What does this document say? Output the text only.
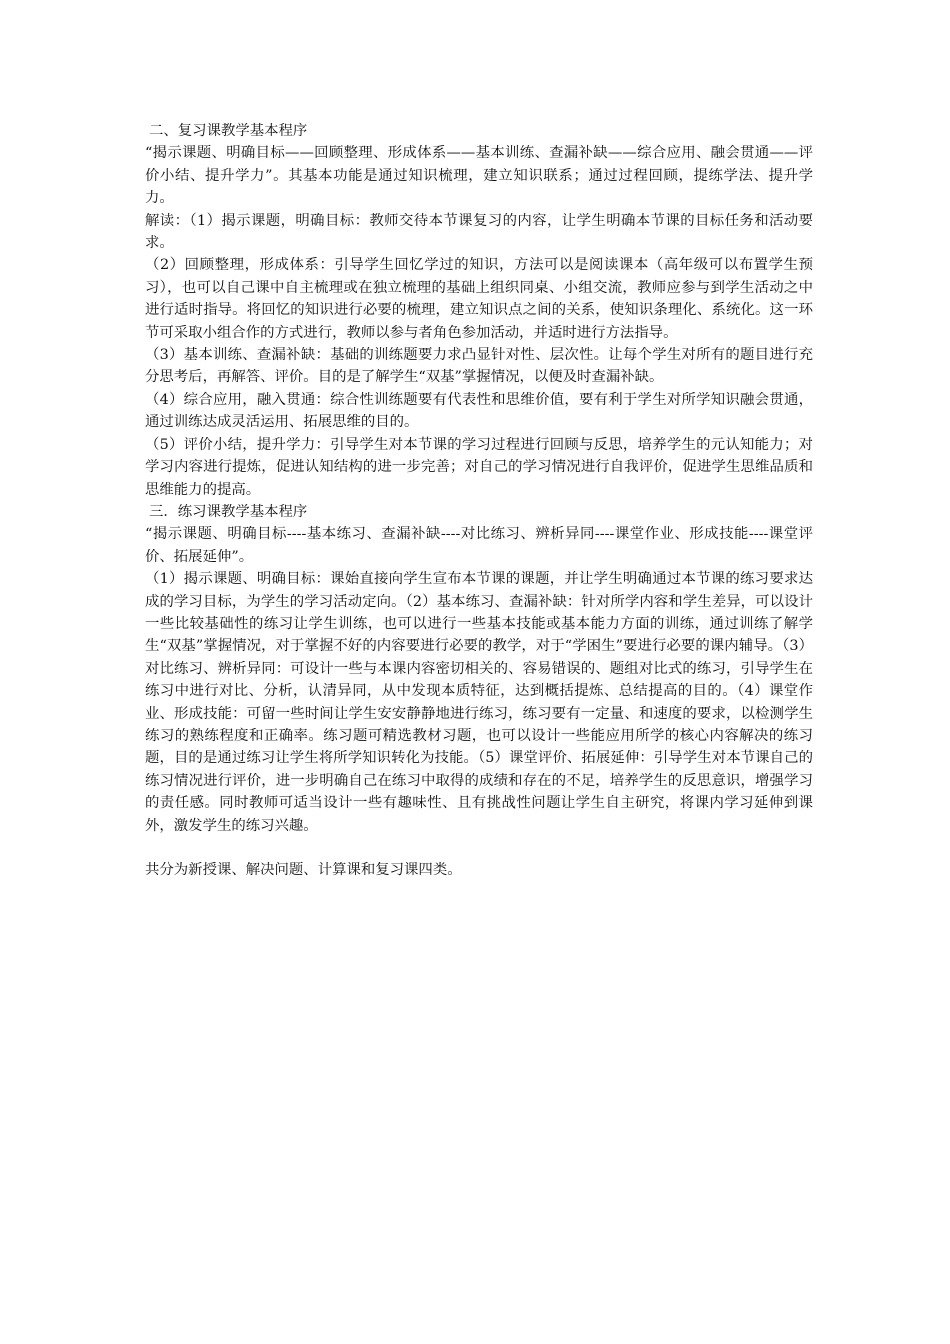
二、复习课教学基本程序

“揭示课题、明确目标——回顾整理、形成体系——基本训练、查漏补缺——综合应用、融会贯通——评价小结、提升学力”。其基本功能是通过知识梳理，建立知识联系；通过过程回顾，提练学法、提升学力。

解读：（1）揭示课题，明确目标：教师交待本节课复习的内容，让学生明确本节课的目标任务和活动要求。

（2）回顾整理，形成体系：引导学生回忆学过的知识，方法可以是阅读课本（高年级可以布置学生预习），也可以自己课中自主梳理或在独立梳理的基础上组织同桌、小组交流，教师应参与到学生活动之中进行适时指导。将回忆的知识进行必要的梳理，建立知识点之间的关系，使知识条理化、系统化。这一环节可采取小组合作的方式进行，教师以参与者角色参加活动，并适时进行方法指导。

（3）基本训练、查漏补缺：基础的训练题要力求凸显针对性、层次性。让每个学生对所有的题目进行充分思考后，再解答、评价。目的是了解学生“双基”掌握情况，以便及时查漏补缺。

（4）综合应用，融入贯通：综合性训练题要有代表性和思维价值，要有利于学生对所学知识融会贯通，通过训练达成灵活运用、拓展思维的目的。

（5）评价小结，提升学力：引导学生对本节课的学习过程进行回顾与反思，培养学生的元认知能力；对学习内容进行提炼，促进认知结构的进一步完善；对自己的学习情况进行自我评价，促进学生思维品质和思维能力的提高。

三．练习课教学基本程序

“揭示课题、明确目标----基本练习、查漏补缺----对比练习、辨析异同----课堂作业、形成技能----课堂评价、拓展延伸”。

（1）揭示课题、明确目标：课始直接向学生宣布本节课的课题，并让学生明确通过本节课的练习要求达成的学习目标，为学生的学习活动定向。（2）基本练习、查漏补缺：针对所学内容和学生差异，可以设计一些比较基础性的练习让学生训练，也可以进行一些基本技能或基本能力方面的训练，通过训练了解学生“双基”掌握情况，对于掌握不好的内容要进行必要的教学，对于“学困生”要进行必要的课内辅导。（3）对比练习、辨析异同：可设计一些与本课内容密切相关的、容易错误的、题组对比式的练习，引导学生在练习中进行对比、分析，认清异同，从中发现本质特征，达到概括提炼、总结提高的目的。（4）课堂作业、形成技能：可留一些时间让学生安安静静地进行练习，练习要有一定量、和速度的要求，以检测学生练习的熟练程度和正确率。练习题可精选教材习题，也可以设计一些能应用所学的核心内容解决的练习题，目的是通过练习让学生将所学知识转化为技能。（5）课堂评价、拓展延伸：引导学生对本节课自己的练习情况进行评价，进一步明确自己在练习中取得的成绩和存在的不足，培养学生的反思意识，增强学习的责任感。同时教师可适当设计一些有趣味性、且有挑战性问题让学生自主研究，将课内学习延伸到课外，激发学生的练习兴趣。

共分为新授课、解决问题、计算课和复习课四类。
